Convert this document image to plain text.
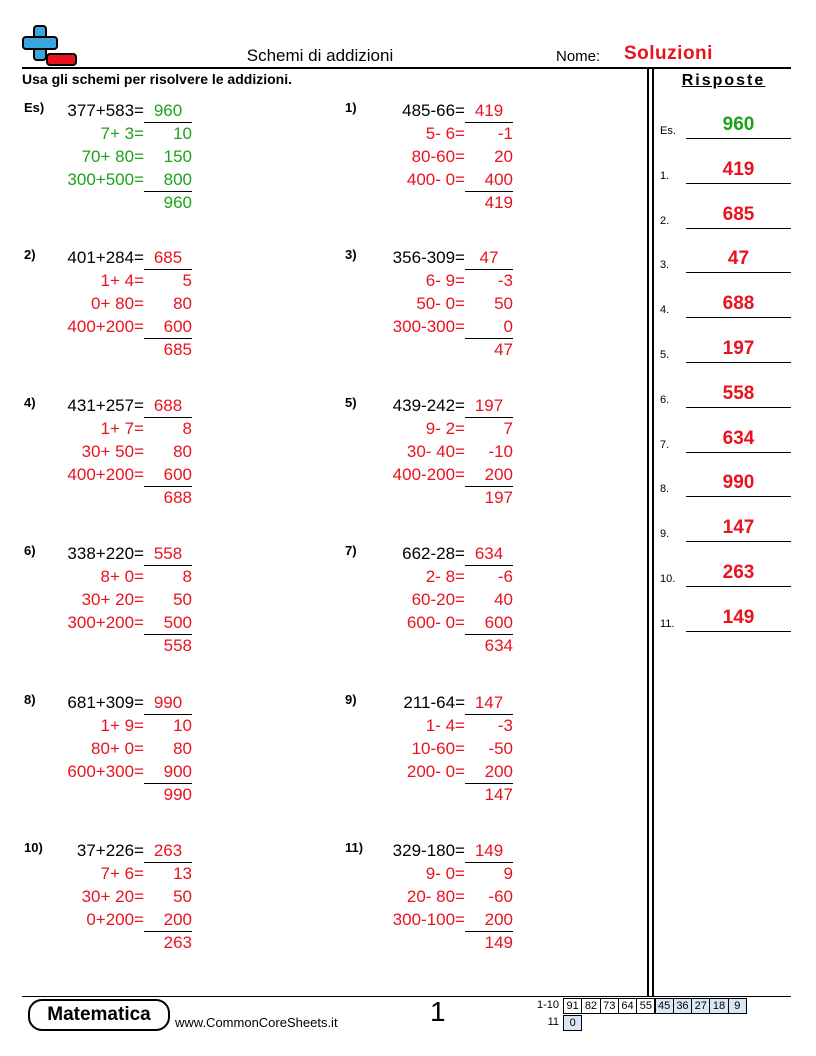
Schemi di addizioni	Nome: Soluzioni
Usa gli schemi per risolvere le addizioni.	Risposte
Es) 377+583= 960
7+ 3=	10
70+ 80=	150
300+500=	800
960
1)	485-66= 419
5- 6=	-1
80-60=	20
400- 0=	400
419
2) 401+284= 685
1+ 4=	5
0+ 80=	80
400+200=	600
685
3) 356-309= 47
6- 9=	-3
50- 0=	50
300-300=	0
47
4) 431+257= 688
1+ 7=	8
30+ 50=	80
400+200=	600
688
5) 439-242= 197
9- 2=	7
30- 40=	-10
400-200=	200
197
6) 338+220= 558
8+ 0=	8
30+ 20=	50
300+200=	500
558
7)	662-28= 634
2- 8=	-6
60-20=	40
600- 0=	600
634
8) 681+309= 990
1+ 9=	10
80+ 0=	80
600+300=	900
990
9)	211-64= 147
1- 4=	-3
10-60=	-50
200- 0=	200
147
10) 37+226= 263
7+ 6=	13
30+ 20=	50
0+200=	200
263
11) 329-180= 149
9- 0=	9
20- 80=	-60
300-100=	200
149
Es.	960
1.	419
2.	685
3.	47
4.	688
5.	197
6.	558
7.	634
8.	990
9.	147
10.	263
11.	149
Matematica	www.CommonCoreSheets.it	1	1-10 91 82 73 64 55 45 36 27 18 9
11 0
